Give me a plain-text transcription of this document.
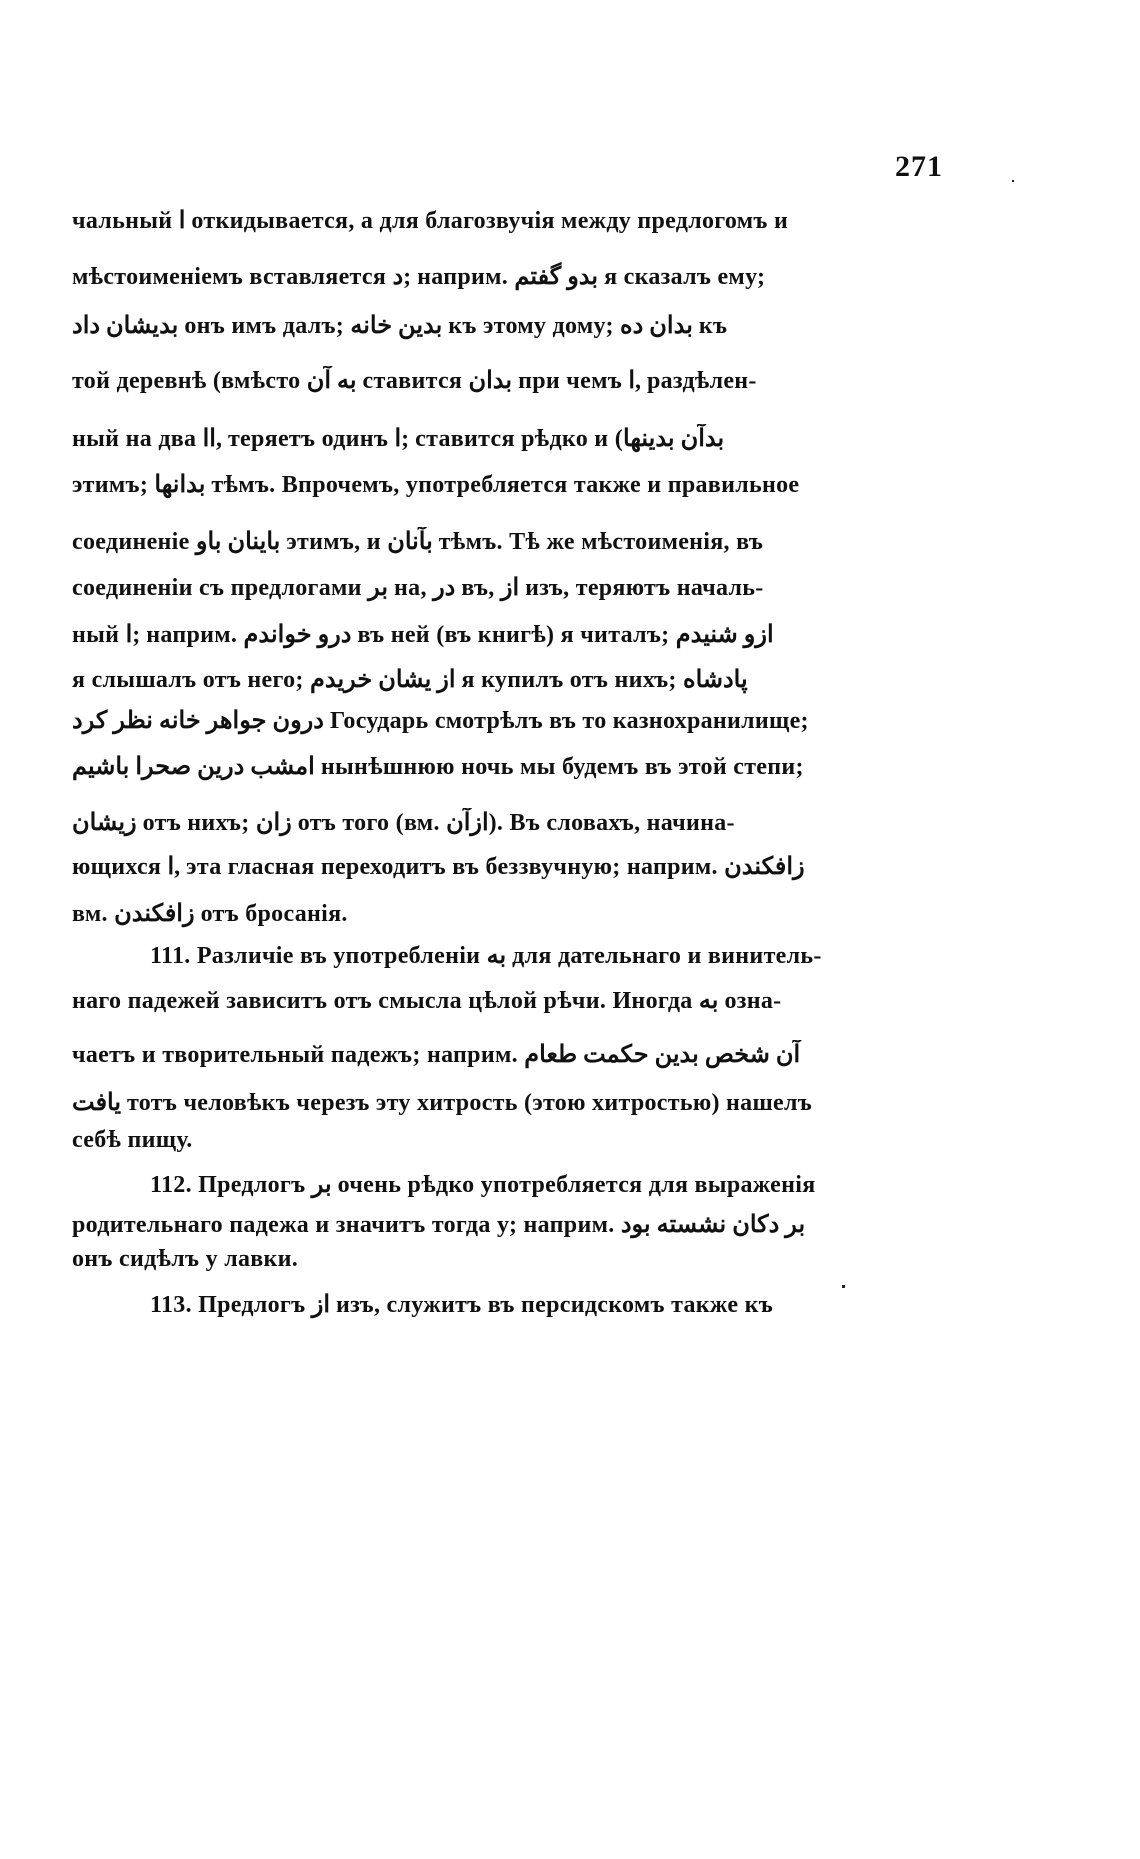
271
чальный ا откидывается, а для благозвучія между предлогомъ и
мѣстоименіемъ вставляется د; наприм. بدو گفتم я сказалъ ему;
بدیشان داد онъ имъ далъ; بدین خانه къ этому дому; بدان ده къ
той деревнѣ (вмѣсто به آن ставится بدان при чемъ ا, раздѣлен-
ный на два اا, теряетъ одинъ ا; ставится рѣдко и (بدآن بدینها
этимъ; بدانها тѣмъ. Впрочемъ, употребляется также и правильное
соединеніе باینان باو этимъ, и بآنان тѣмъ. Тѣ же мѣстоименія, въ
соединеніи съ предлогами بر на, در въ, از изъ, теряютъ началь-
ный ا; наприм. درو خواندم въ ней (въ книгѣ) я читалъ; ازو شنیدم
я слышалъ отъ него; از یشان خریدم я купилъ отъ нихъ; پادشاه
درون جواهر خانه نظر کرد Государь смотрѣлъ въ то казнохранилище;
امشب درین صحرا باشیم нынѣшнюю ночь мы будемъ въ этой степи;
زیشان отъ нихъ; زان отъ того (вм. ازآن). Въ словахъ, начина-
ющихся ا, эта гласная переходитъ въ беззвучную; наприм. زافکندن
вм. زافکندن отъ бросанія.
111. Различіе въ употребленіи به для дательнаго и винитель-
наго падежей зависитъ отъ смысла цѣлой рѣчи. Иногда به озна-
чаетъ и творительный падежъ; наприм. آن شخص بدین حکمت طعام
یافت тотъ человѣкъ черезъ эту хитрость (этою хитростью) нашелъ
себѣ пищу.
112. Предлогъ بر очень рѣдко употребляется для выраженія
родительнаго падежа и значитъ тогда у; наприм. بر دکان نشسته بود
онъ сидѣлъ у лавки.
113. Предлогъ از изъ, служитъ въ персидскомъ также къ
